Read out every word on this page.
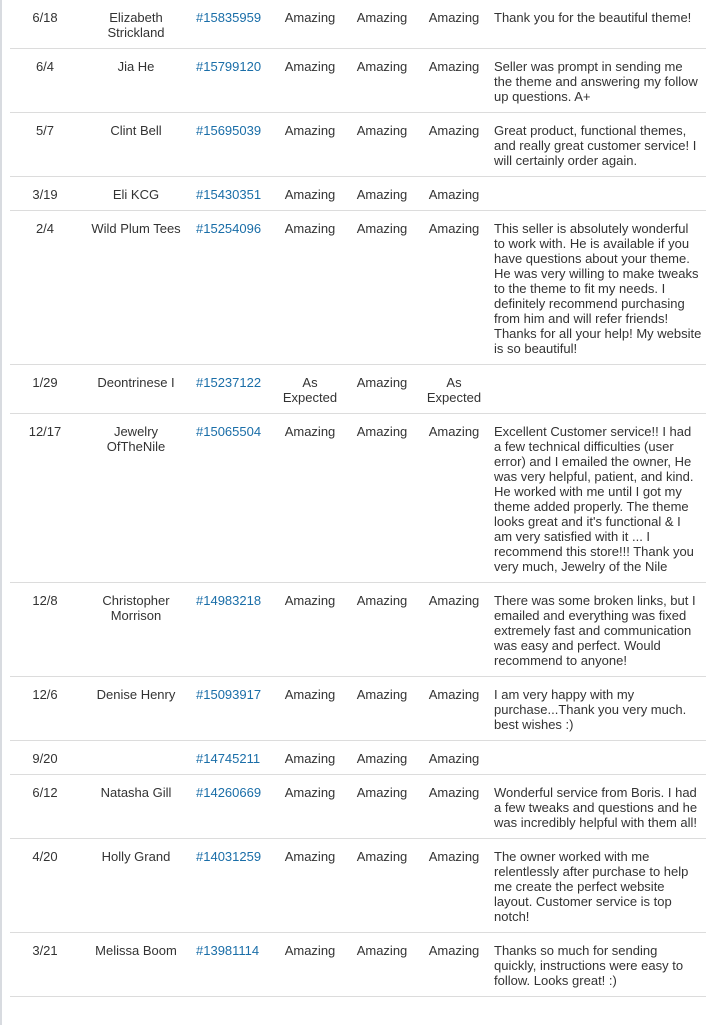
6/18	Elizabeth Strickland	#15835959	Amazing	Amazing	Amazing	Thank you for the beautiful theme!
6/4	Jia He	#15799120	Amazing	Amazing	Amazing	Seller was prompt in sending me the theme and answering my follow up questions. A+
5/7	Clint Bell	#15695039	Amazing	Amazing	Amazing	Great product, functional themes, and really great customer service! I will certainly order again.
3/19	Eli KCG	#15430351	Amazing	Amazing	Amazing	
2/4	Wild Plum Tees	#15254096	Amazing	Amazing	Amazing	This seller is absolutely wonderful to work with. He is available if you have questions about your theme. He was very willing to make tweaks to the theme to fit my needs. I definitely recommend purchasing from him and will refer friends! Thanks for all your help! My website is so beautiful!
1/29	Deontrinese I	#15237122	As Expected	Amazing	As Expected	
12/17	Jewelry OfTheNile	#15065504	Amazing	Amazing	Amazing	Excellent Customer service!! I had a few technical difficulties (user error) and I emailed the owner, He was very helpful, patient, and kind. He worked with me until I got my theme added properly. The theme looks great and it's functional & I am very satisfied with it ... I recommend this store!!! Thank you very much, Jewelry of the Nile
12/8	Christopher Morrison	#14983218	Amazing	Amazing	Amazing	There was some broken links, but I emailed and everything was fixed extremely fast and communication was easy and perfect. Would recommend to anyone!
12/6	Denise Henry	#15093917	Amazing	Amazing	Amazing	I am very happy with my purchase...Thank you very much. best wishes :)
9/20		#14745211	Amazing	Amazing	Amazing	
6/12	Natasha Gill	#14260669	Amazing	Amazing	Amazing	Wonderful service from Boris. I had a few tweaks and questions and he was incredibly helpful with them all!
4/20	Holly Grand	#14031259	Amazing	Amazing	Amazing	The owner worked with me relentlessly after purchase to help me create the perfect website layout. Customer service is top notch!
3/21	Melissa Boom	#13981114	Amazing	Amazing	Amazing	Thanks so much for sending quickly, instructions were easy to follow. Looks great! :)
